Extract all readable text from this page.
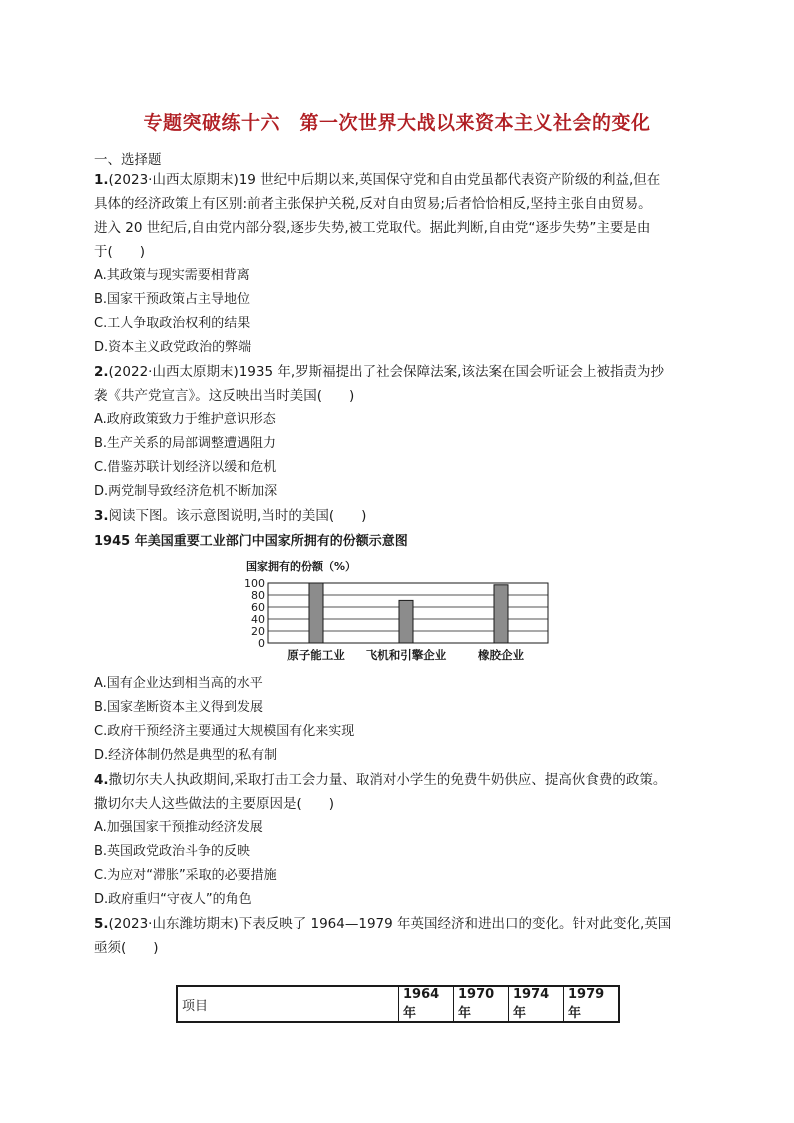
专题突破练十六　第一次世界大战以来资本主义社会的变化
一、选择题
1.(2023·山西太原期末)19 世纪中后期以来,英国保守党和自由党虽都代表资产阶级的利益,但在
具体的经济政策上有区别:前者主张保护关税,反对自由贸易;后者恰恰相反,坚持主张自由贸易。
进入 20 世纪后,自由党内部分裂,逐步失势,被工党取代。据此判断,自由党“逐步失势”主要是由
于(　　)
A.其政策与现实需要相背离
B.国家干预政策占主导地位
C.工人争取政治权利的结果
D.资本主义政党政治的弊端
2.(2022·山西太原期末)1935 年,罗斯福提出了社会保障法案,该法案在国会听证会上被指责为抄
袭《共产党宣言》。这反映出当时美国(　　)
A.政府政策致力于维护意识形态
B.生产关系的局部调整遭遇阻力
C.借鉴苏联计划经济以缓和危机
D.两党制导致经济危机不断加深
3.阅读下图。该示意图说明,当时的美国(　　)
1945 年美国重要工业部门中国家所拥有的份额示意图
国家拥有的份额（%）
0
20
40
60
80
100
原子能工业 飞机和引擎企业	橡胶企业
A.国有企业达到相当高的水平
B.国家垄断资本主义得到发展
C.政府干预经济主要通过大规模国有化来实现
D.经济体制仍然是典型的私有制
4.撒切尔夫人执政期间,采取打击工会力量、取消对小学生的免费牛奶供应、提高伙食费的政策。
撒切尔夫人这些做法的主要原因是(　　)
A.加强国家干预推动经济发展
B.英国政党政治斗争的反映
C.为应对“滞胀”采取的必要措施
D.政府重归“守夜人”的角色
5.(2023·山东潍坊期末)下表反映了 1964—1979 年英国经济和进出口的变化。针对此变化,英国
亟须(　　)
项目	1964 年	1970 年	1974 年	1979 年
